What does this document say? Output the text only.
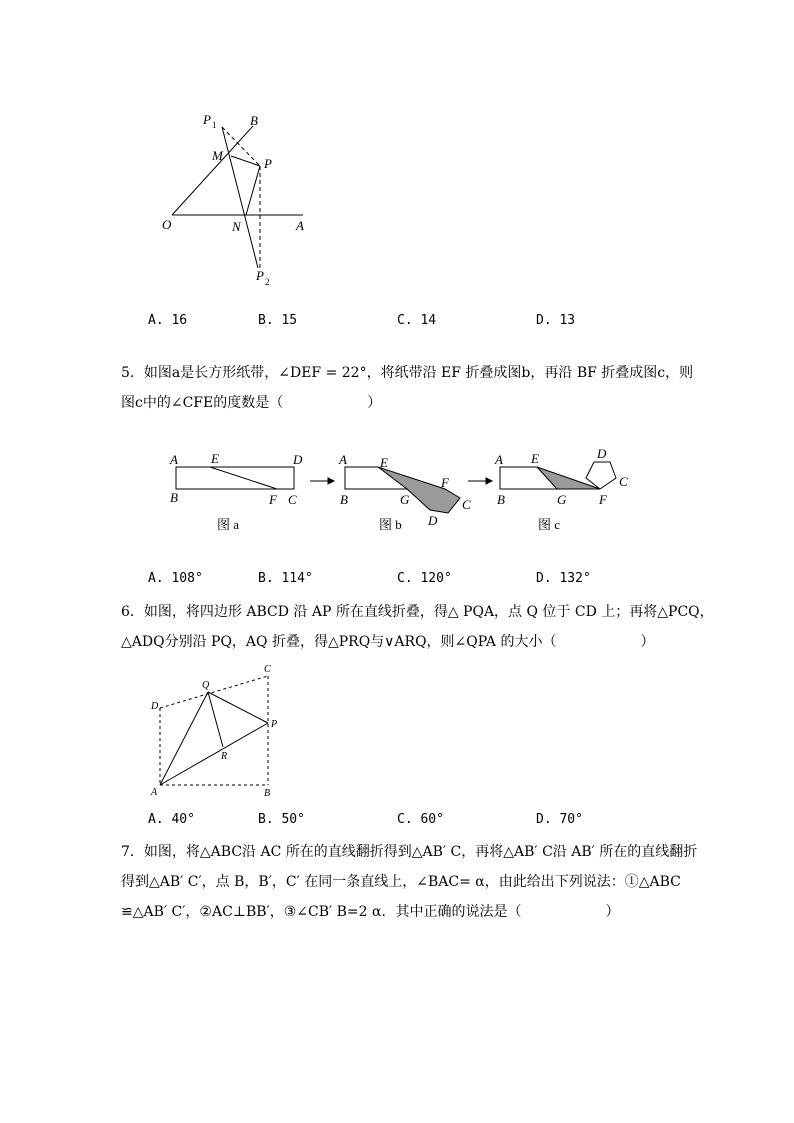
P 1	B
M
P
O	N	A
P 2
A. 16	B. 15	C. 14	D. 13
5．如图a是长方形纸带，∠DEF = 22°，将纸带沿 EF 折叠成图b，再沿 BF 折叠成图c，则
图c中的∠CFE的度数是（　　　　　　）
A	E	D
B	F C
A	E
F
B	G	C
D
A E	D
C
B	G	F
图 a	图 b	图 c
A. 108°	B. 114°	C. 120°	D. 132°
6．如图，将四边形 ABCD 沿 AP 所在直线折叠，得△ PQA，点 Q 位于 CD 上；再将△PCQ，
△ADQ分别沿 PQ，AQ 折叠，得△PRQ与∨ARQ，则∠QPA 的大小（　　　　　　）
C
Q
D
P
R
A	B
A. 40°	B. 50°	C. 60°	D. 70°
7．如图，将△ABC沿 AC 所在的直线翻折得到△AB′ C，再将△AB′ C沿 AB′ 所在的直线翻折
得到△AB′ C′，点 B，B′，C′ 在同一条直线上，∠BAC= α，由此给出下列说法：①△ABC
≌△AB′ C′，②AC⊥BB′，③∠CB′ B=2 α．其中正确的说法是（　　　　　　）
